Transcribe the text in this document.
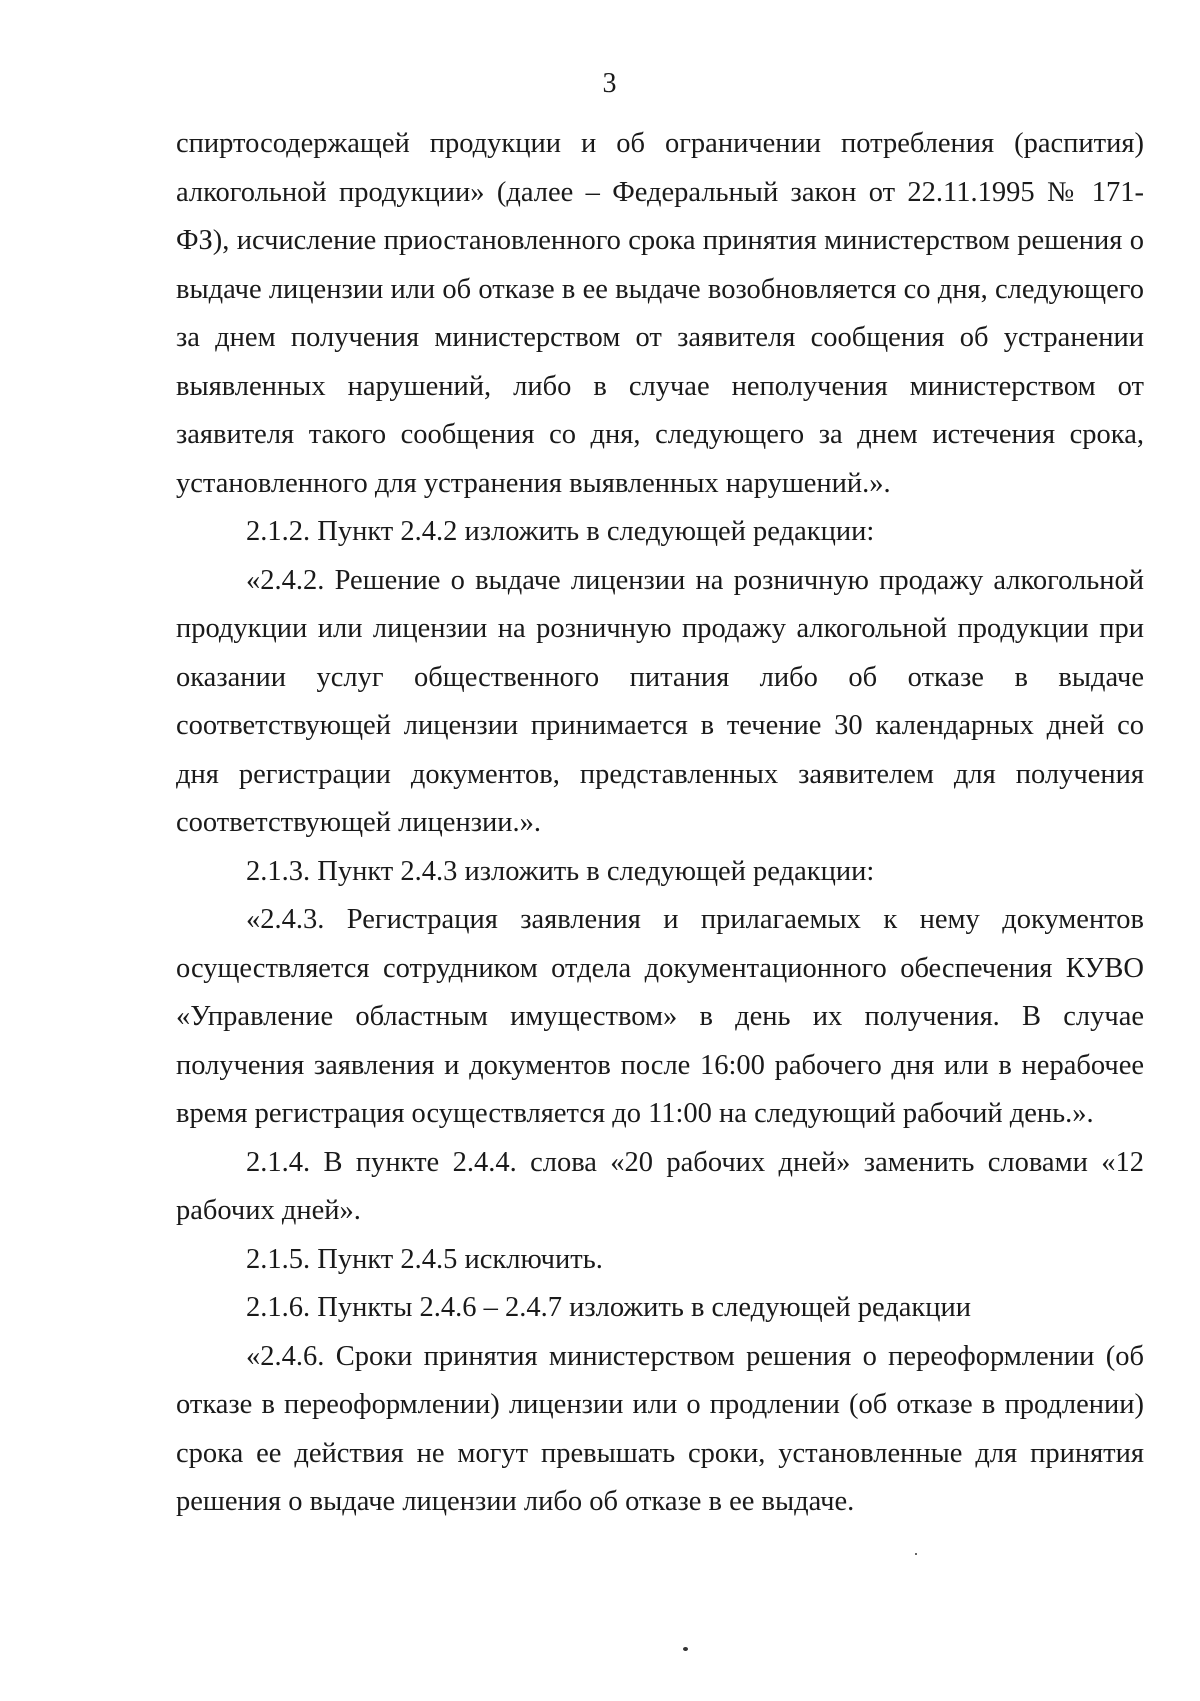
3

спиртосодержащей продукции и об ограничении потребления (распития) алкогольной продукции» (далее – Федеральный закон от 22.11.1995 № 171-ФЗ), исчисление приостановленного срока принятия министерством решения о выдаче лицензии или об отказе в ее выдаче возобновляется со дня, следующего за днем получения министерством от заявителя сообщения об устранении выявленных нарушений, либо в случае неполучения министерством от заявителя такого сообщения со дня, следующего за днем истечения срока, установленного для устранения выявленных нарушений.».

2.1.2. Пункт 2.4.2 изложить в следующей редакции:

«2.4.2. Решение о выдаче лицензии на розничную продажу алкогольной продукции или лицензии на розничную продажу алкогольной продукции при оказании услуг общественного питания либо об отказе в выдаче соответствующей лицензии принимается в течение 30 календарных дней со дня регистрации документов, представленных заявителем для получения соответствующей лицензии.».

2.1.3. Пункт 2.4.3 изложить в следующей редакции:

«2.4.3. Регистрация заявления и прилагаемых к нему документов осуществляется сотрудником отдела документационного обеспечения КУВО «Управление областным имуществом» в день их получения. В случае получения заявления и документов после 16:00 рабочего дня или в нерабочее время регистрация осуществляется до 11:00 на следующий рабочий день.».

2.1.4. В пункте 2.4.4. слова «20 рабочих дней» заменить словами «12 рабочих дней».

2.1.5. Пункт 2.4.5 исключить.

2.1.6. Пункты 2.4.6 – 2.4.7 изложить в следующей редакции

«2.4.6. Сроки принятия министерством решения о переоформлении (об отказе в переоформлении) лицензии или о продлении (об отказе в продлении) срока ее действия не могут превышать сроки, установленные для принятия решения о выдаче лицензии либо об отказе в ее выдаче.
